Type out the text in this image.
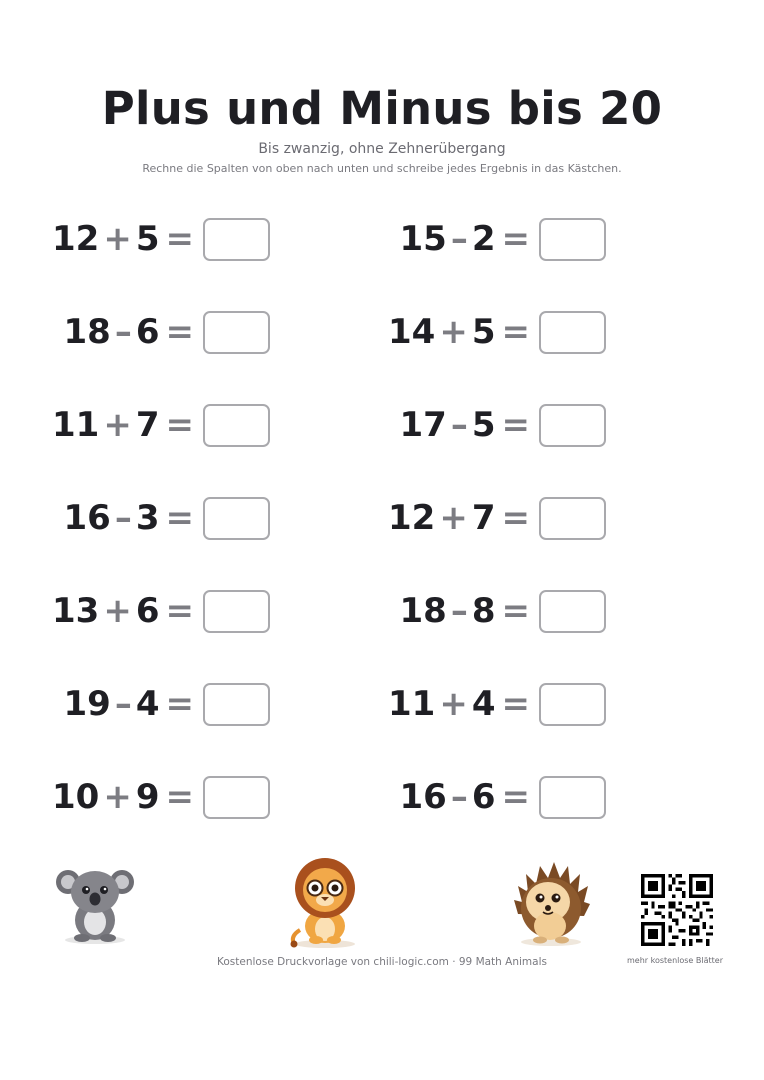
Plus und Minus bis 20
Bis zwanzig, ohne Zehnerübergang
Rechne die Spalten von oben nach unten und schreibe jedes Ergebnis in das Kästchen.
12 + 5 =
18 – 6 =
11 + 7 =
16 – 3 =
13 + 6 =
19 – 4 =
10 + 9 =
15 – 2 =
14 + 5 =
17 – 5 =
12 + 7 =
18 – 8 =
11 + 4 =
16 – 6 =
Kostenlose Druckvorlage von chili-logic.com · 99 Math Animals	mehr kostenlose Blätter
